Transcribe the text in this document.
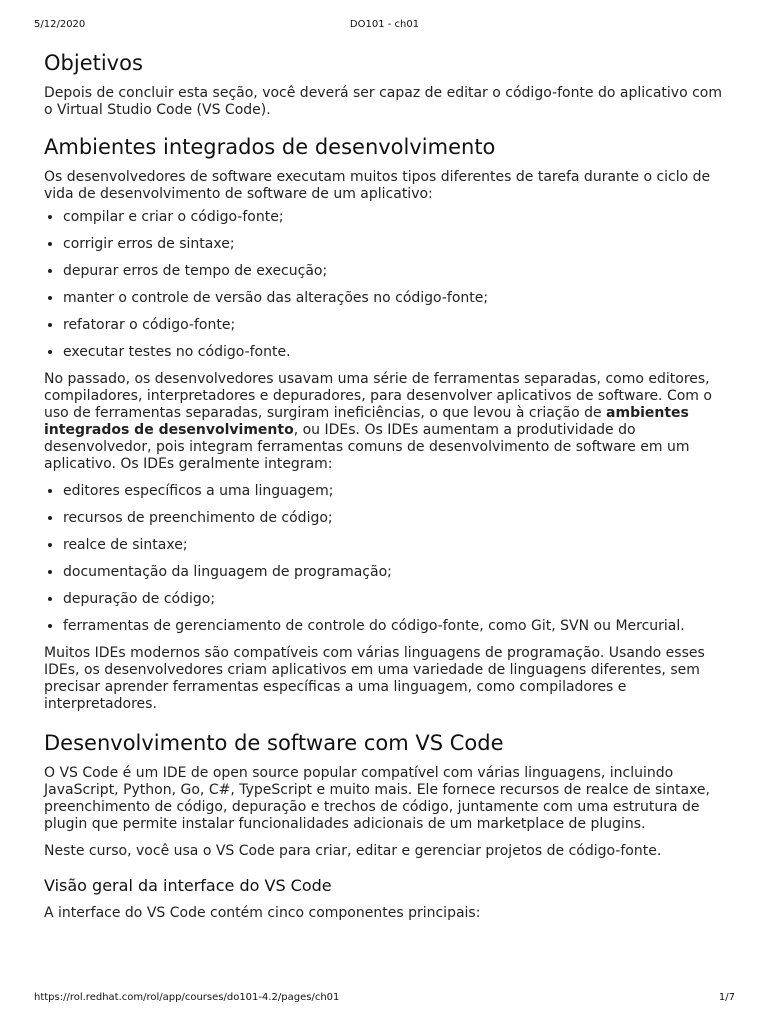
5/12/2020	DO101 - ch01
Objetivos

Depois de concluir esta seção, você deverá ser capaz de editar o código-fonte do aplicativo com o Virtual Studio Code (VS Code).

Ambientes integrados de desenvolvimento

Os desenvolvedores de software executam muitos tipos diferentes de tarefa durante o ciclo de vida de desenvolvimento de software de um aplicativo:

• compilar e criar o código-fonte;
• corrigir erros de sintaxe;
• depurar erros de tempo de execução;
• manter o controle de versão das alterações no código-fonte;
• refatorar o código-fonte;
• executar testes no código-fonte.

No passado, os desenvolvedores usavam uma série de ferramentas separadas, como editores, compiladores, interpretadores e depuradores, para desenvolver aplicativos de software. Com o uso de ferramentas separadas, surgiram ineficiências, o que levou à criação de ambientes integrados de desenvolvimento, ou IDEs. Os IDEs aumentam a produtividade do desenvolvedor, pois integram ferramentas comuns de desenvolvimento de software em um aplicativo. Os IDEs geralmente integram:

• editores específicos a uma linguagem;
• recursos de preenchimento de código;
• realce de sintaxe;
• documentação da linguagem de programação;
• depuração de código;
• ferramentas de gerenciamento de controle do código-fonte, como Git, SVN ou Mercurial.

Muitos IDEs modernos são compatíveis com várias linguagens de programação. Usando esses IDEs, os desenvolvedores criam aplicativos em uma variedade de linguagens diferentes, sem precisar aprender ferramentas específicas a uma linguagem, como compiladores e interpretadores.

Desenvolvimento de software com VS Code

O VS Code é um IDE de open source popular compatível com várias linguagens, incluindo JavaScript, Python, Go, C#, TypeScript e muito mais. Ele fornece recursos de realce de sintaxe, preenchimento de código, depuração e trechos de código, juntamente com uma estrutura de plugin que permite instalar funcionalidades adicionais de um marketplace de plugins.

Neste curso, você usa o VS Code para criar, editar e gerenciar projetos de código-fonte.

Visão geral da interface do VS Code

A interface do VS Code contém cinco componentes principais:

https://rol.redhat.com/rol/app/courses/do101-4.2/pages/ch01	1/7
